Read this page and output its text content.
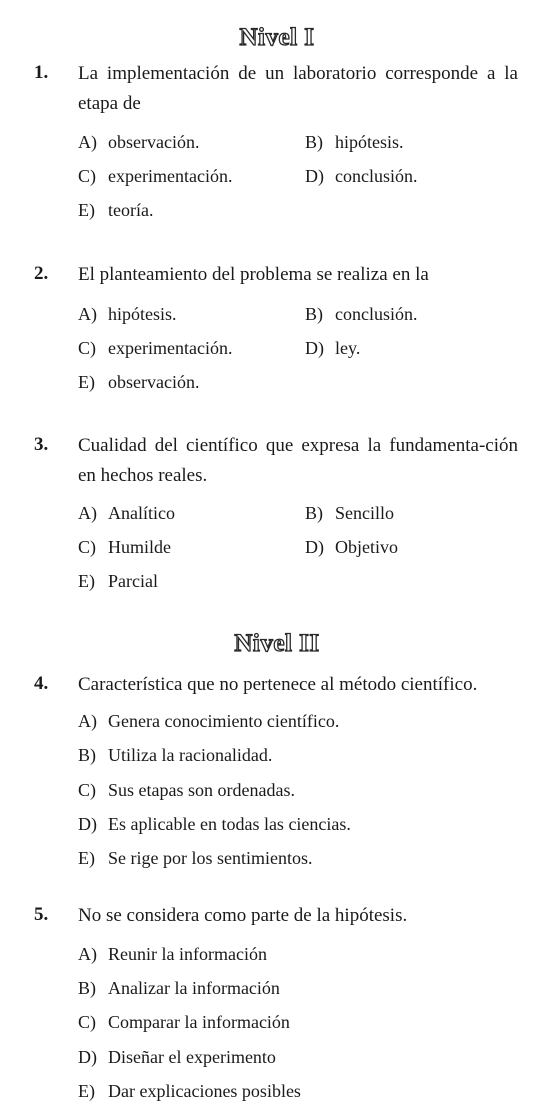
Nivel I
1. La implementación de un laboratorio corresponde a la etapa de
A) observación.	B) hipótesis.
C) experimentación.	D) conclusión.
E) teoría.
2. El planteamiento del problema se realiza en la
A) hipótesis.	B) conclusión.
C) experimentación.	D) ley.
E) observación.
3. Cualidad del científico que expresa la fundamenta-ción en hechos reales.
A) Analítico	B) Sencillo
C) Humilde	D) Objetivo
E) Parcial
Nivel II
4. Característica que no pertenece al método científico.
A) Genera conocimiento científico.
B) Utiliza la racionalidad.
C) Sus etapas son ordenadas.
D) Es aplicable en todas las ciencias.
E) Se rige por los sentimientos.
5. No se considera como parte de la hipótesis.
A) Reunir la información
B) Analizar la información
C) Comparar la información
D) Diseñar el experimento
E) Dar explicaciones posibles
